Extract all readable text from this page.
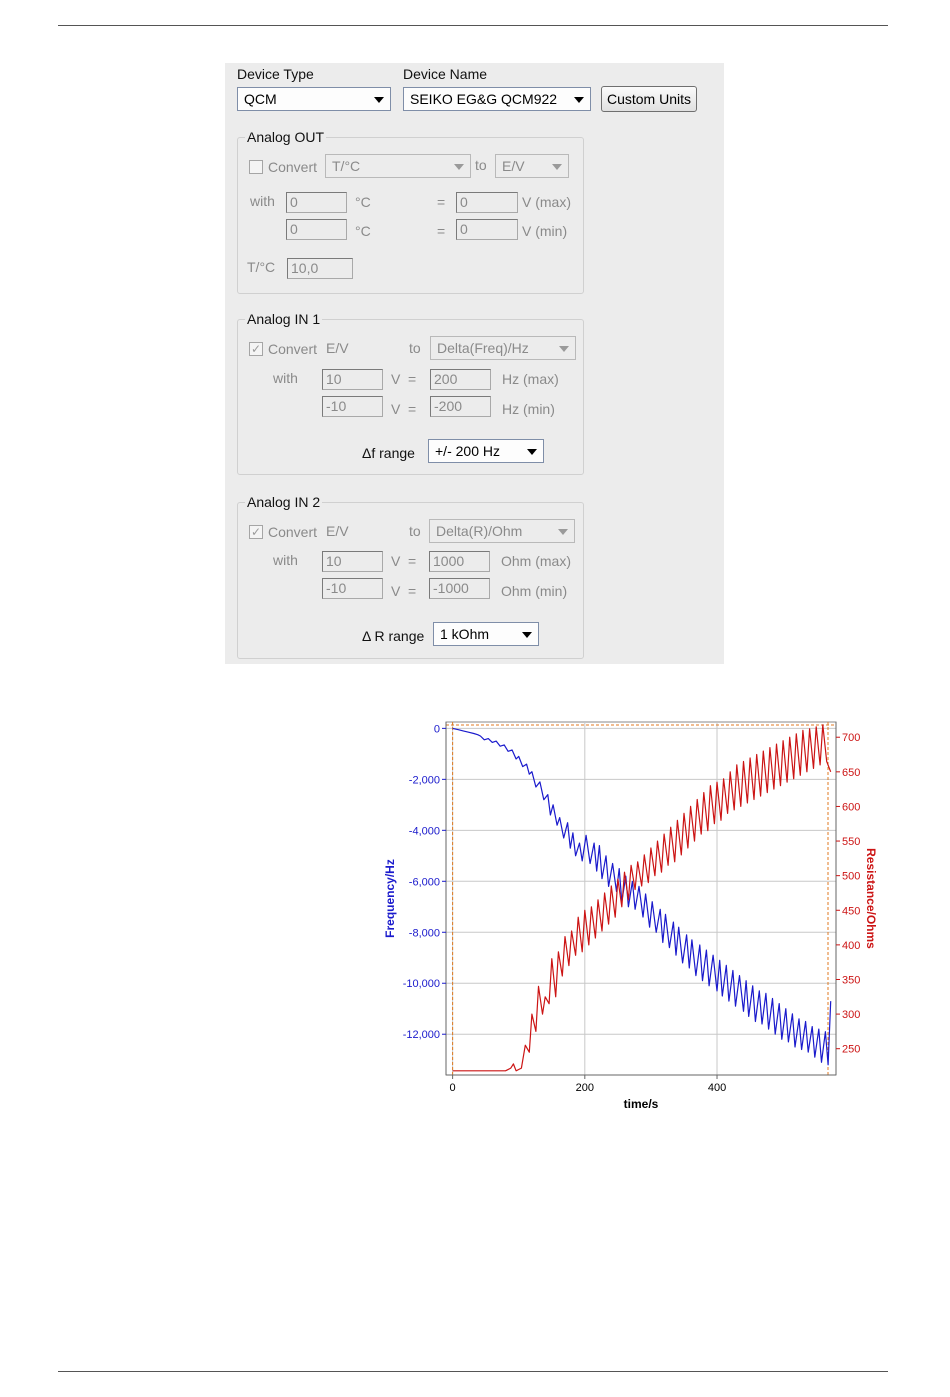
Device Type
QCM
Device Name
SEIKO EG&G QCM922	Custom Units
Analog OUT
Convert	T/°C	to	E/V
with 0	°C	= 0	V (max)
0	°C	= 0	V (min)
T/°C 10,0
Analog IN 1
✓ Convert E/V	to	Delta(Freq)/Hz
with 10	V = 200	Hz (max)
-10	V = -200	Hz (min)
Δf range	+/- 200 Hz
Analog IN 2
✓ Convert E/V	to	Delta(R)/Ohm
with 10	V = 1000	Ohm (max)
-10	V = -1000	Ohm (min)
Δ R range	1 kOhm
0	200	400
0
-2,000
-4,000
-6,000
-8,000
-10,000
-12,000
250
300
350
400
450
500
550
600
650
700
time/s
Frequency/Hz	Resistance/Ohms
